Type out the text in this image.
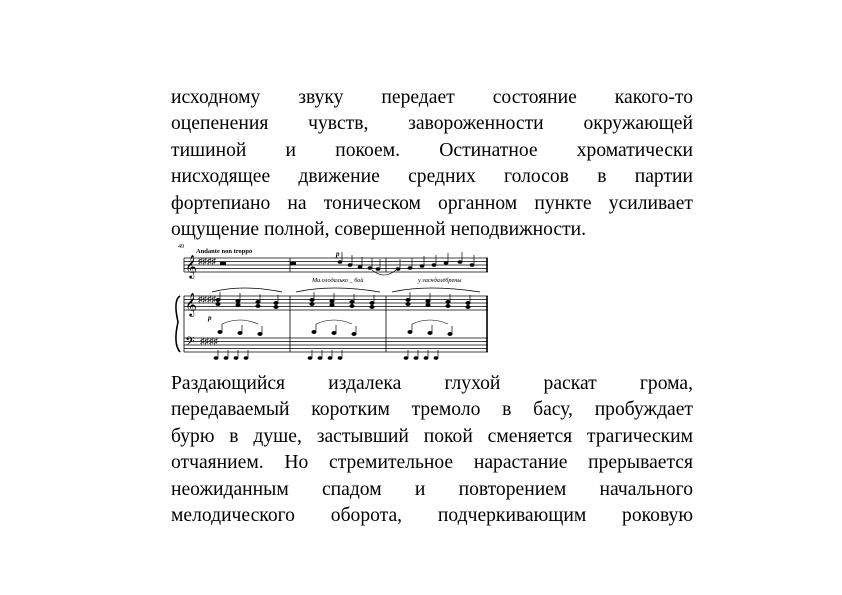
исходному звуку передает состояние какого-то
оцепенения чувств, завороженности окружающей
тишиной и покоем. Остинатное хроматически
нисходящее движение средних голосов в партии
фортепиано на тоническом органном пункте усиливает
ощущение полной, совершенной неподвижности.
49
Andante non troppo
𝄞 ♯♯♯♯
p
Ми.олодалько _ бой	у засндалёбрены
𝄞 ♯♯♯♯
p
𝄢 ♯♯♯♯
Раздающийся издалека глухой раскат грома,
передаваемый коротким тремоло в басу, пробуждает
бурю в душе, застывший покой сменяется трагическим
отчаянием. Но стремительное нарастание прерывается
неожиданным спадом и повторением начального
мелодического оборота, подчеркивающим роковую
